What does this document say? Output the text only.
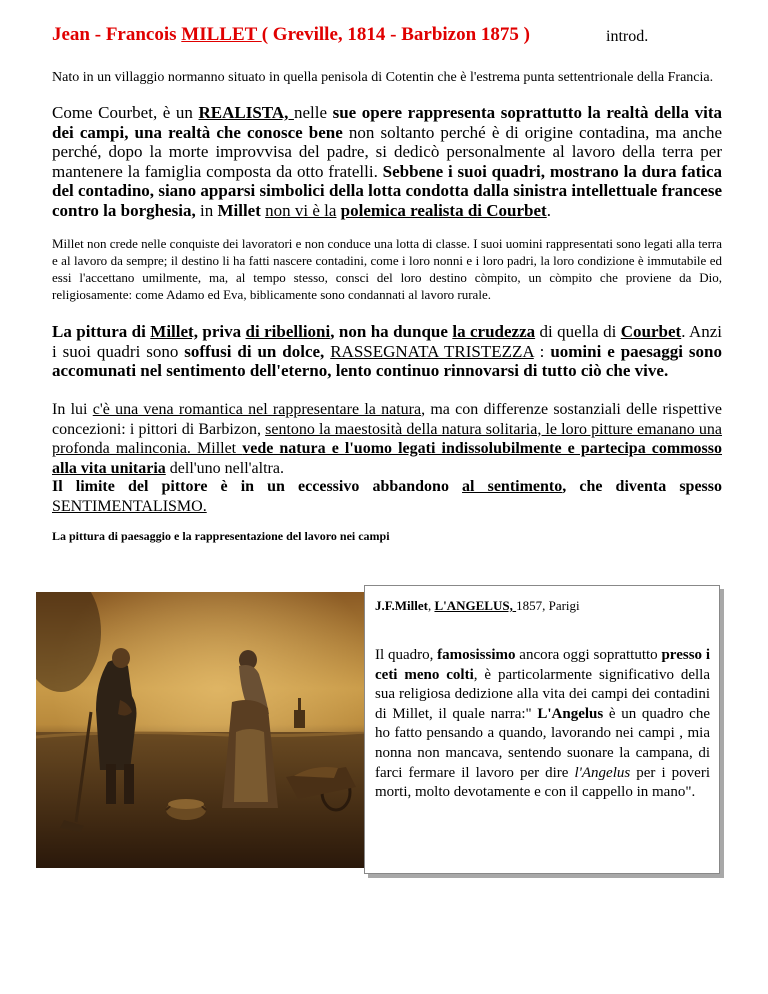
Jean - Francois MILLET ( Greville, 1814 - Barbizon 1875 )	introd.
Nato in un villaggio normanno situato in quella penisola di Cotentin che è l'estrema punta settentrionale della Francia.
Come Courbet, è un REALISTA, nelle sue opere rappresenta soprattutto la realtà della vita dei campi, una realtà che conosce bene non soltanto perché è di origine contadina, ma anche perché, dopo la morte improvvisa del padre, si dedicò personalmente al lavoro della terra per mantenere la famiglia composta da otto fratelli. Sebbene i suoi quadri, mostrano la dura fatica del contadino, siano apparsi simbolici della lotta condotta dalla sinistra intellettuale francese contro la borghesia, in Millet non vi è la polemica realista di Courbet.
Millet non crede nelle conquiste dei lavoratori e non conduce una lotta di classe. I suoi uomini rappresentati sono legati alla terra e al lavoro da sempre; il destino li ha fatti nascere contadini, come i loro nonni e i loro padri, la loro condizione è immutabile ed essi l'accettano umilmente, ma, al tempo stesso, consci del loro destino còmpito, un còmpito che proviene da Dio, religiosamente: come Adamo ed Eva, biblicamente sono condannati al lavoro rurale.
La pittura di Millet, priva di ribellioni, non ha dunque la crudezza di quella di Courbet. Anzi i suoi quadri sono soffusi di un dolce, RASSEGNATA TRISTEZZA : uomini e paesaggi sono accomunati nel sentimento dell'eterno, lento continuo rinnovarsi di tutto ciò che vive.
In lui c'è una vena romantica nel rappresentare la natura, ma con differenze sostanziali delle rispettive concezioni: i pittori di Barbizon, sentono la maestosità della natura solitaria, le loro pitture emanano una profonda malinconia. Millet vede natura e l'uomo legati indissolubilmente e partecipa commosso alla vita unitaria dell'uno nell'altra.
Il limite del pittore è in un eccessivo abbandono al sentimento, che diventa spesso SENTIMENTALISMO.
La pittura di paesaggio e la rappresentazione del lavoro nei campi
J.F.Millet, L'ANGELUS, 1857, Parigi
Il quadro, famosissimo ancora oggi soprattutto presso i ceti meno colti, è particolarmente significativo della sua religiosa dedizione alla vita dei campi dei contadini di Millet, il quale narra:" L'Angelus è un quadro che ho fatto pensando a quando, lavorando nei campi , mia nonna non mancava, sentendo suonare la campana, di farci fermare il lavoro per dire l'Angelus per i poveri morti, molto devotamente e con il cappello in mano".
